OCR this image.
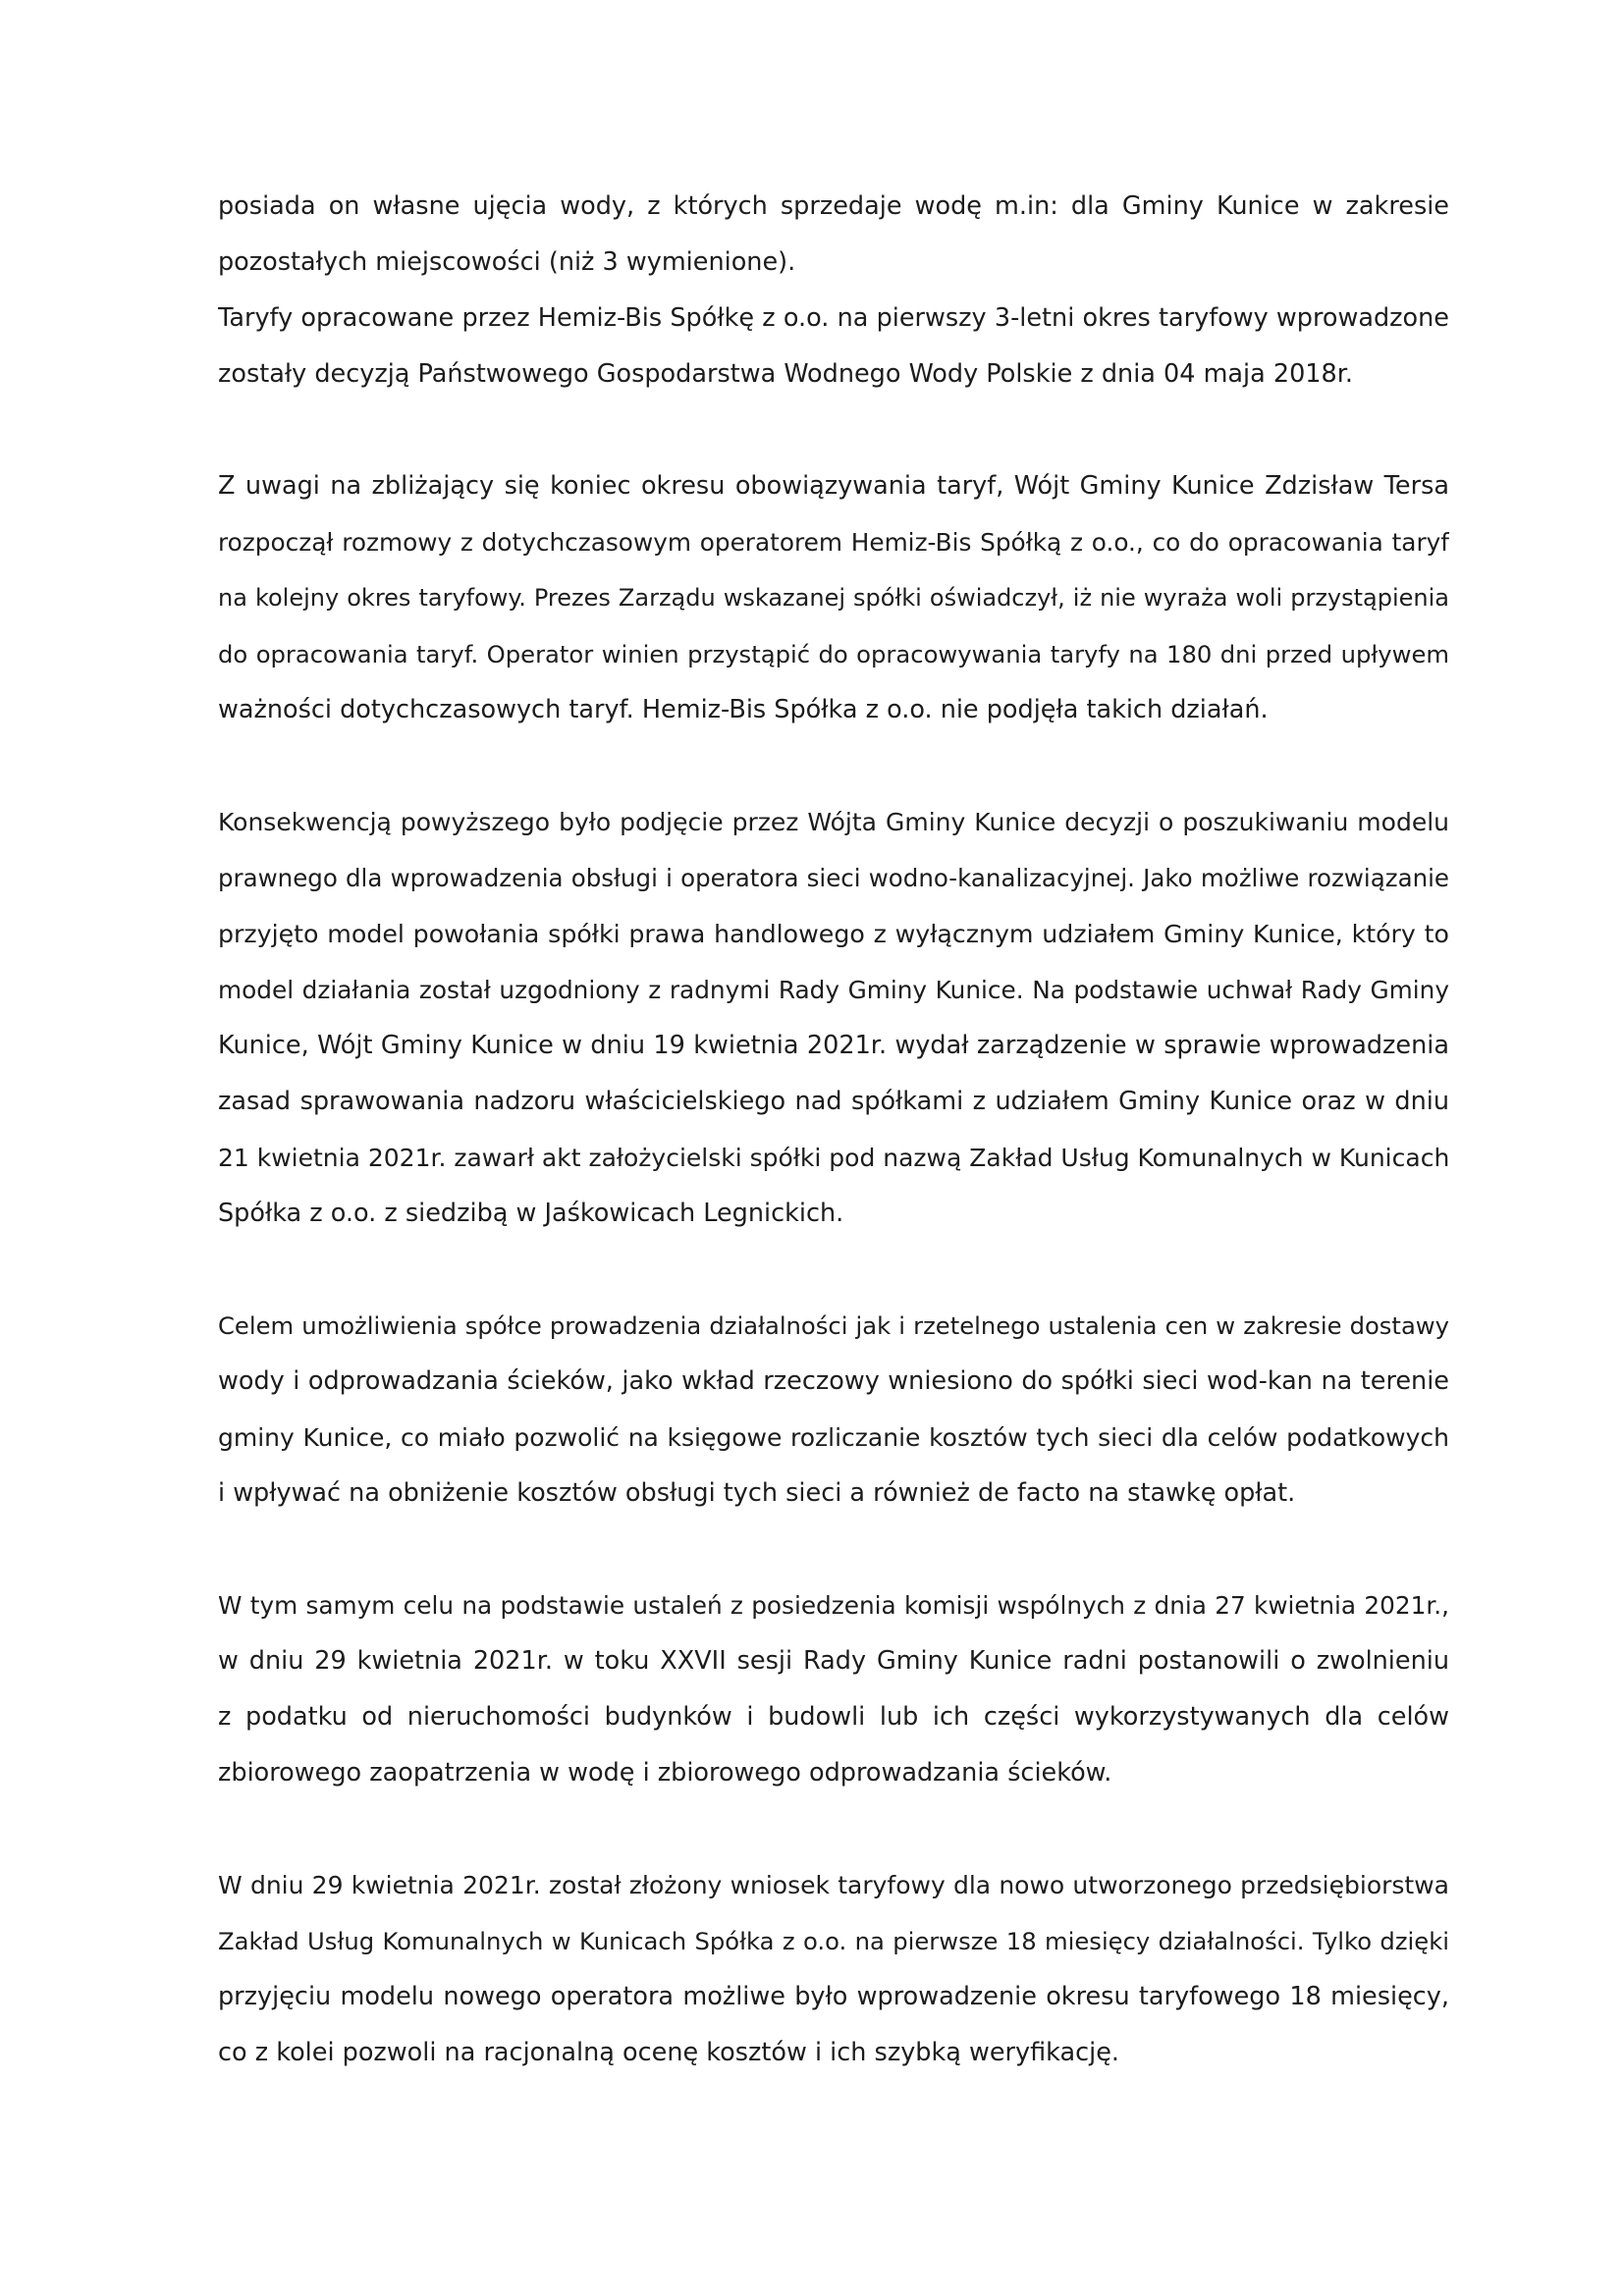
posiada on własne ujęcia wody, z których sprzedaje wodę m.in: dla Gminy Kunice w zakresie
pozostałych miejscowości (niż 3 wymienione).
Taryfy opracowane przez Hemiz-Bis Spółkę z o.o. na pierwszy 3-letni okres taryfowy wprowadzone
zostały decyzją Państwowego Gospodarstwa Wodnego Wody Polskie z dnia 04 maja 2018r.
Z uwagi na zbliżający się koniec okresu obowiązywania taryf, Wójt Gminy Kunice Zdzisław Tersa
rozpoczął rozmowy z dotychczasowym operatorem Hemiz-Bis Spółką z o.o., co do opracowania taryf
na kolejny okres taryfowy. Prezes Zarządu wskazanej spółki oświadczył, iż nie wyraża woli przystąpienia
do opracowania taryf. Operator winien przystąpić do opracowywania taryfy na 180 dni przed upływem
ważności dotychczasowych taryf. Hemiz-Bis Spółka z o.o. nie podjęła takich działań.
Konsekwencją powyższego było podjęcie przez Wójta Gminy Kunice decyzji o poszukiwaniu modelu
prawnego dla wprowadzenia obsługi i operatora sieci wodno-kanalizacyjnej. Jako możliwe rozwiązanie
przyjęto model powołania spółki prawa handlowego z wyłącznym udziałem Gminy Kunice, który to
model działania został uzgodniony z radnymi Rady Gminy Kunice. Na podstawie uchwał Rady Gminy
Kunice, Wójt Gminy Kunice w dniu 19 kwietnia 2021r. wydał zarządzenie w sprawie wprowadzenia
zasad sprawowania nadzoru właścicielskiego nad spółkami z udziałem Gminy Kunice oraz w dniu
21 kwietnia 2021r. zawarł akt założycielski spółki pod nazwą Zakład Usług Komunalnych w Kunicach
Spółka z o.o. z siedzibą w Jaśkowicach Legnickich.
Celem umożliwienia spółce prowadzenia działalności jak i rzetelnego ustalenia cen w zakresie dostawy
wody i odprowadzania ścieków, jako wkład rzeczowy wniesiono do spółki sieci wod-kan na terenie
gminy Kunice, co miało pozwolić na księgowe rozliczanie kosztów tych sieci dla celów podatkowych
i wpływać na obniżenie kosztów obsługi tych sieci a również de facto na stawkę opłat.
W tym samym celu na podstawie ustaleń z posiedzenia komisji wspólnych z dnia 27 kwietnia 2021r.,
w dniu 29 kwietnia 2021r. w toku XXVII sesji Rady Gminy Kunice radni postanowili o zwolnieniu
z podatku od nieruchomości budynków i budowli lub ich części wykorzystywanych dla celów
zbiorowego zaopatrzenia w wodę i zbiorowego odprowadzania ścieków.
W dniu 29 kwietnia 2021r. został złożony wniosek taryfowy dla nowo utworzonego przedsiębiorstwa
Zakład Usług Komunalnych w Kunicach Spółka z o.o. na pierwsze 18 miesięcy działalności. Tylko dzięki
przyjęciu modelu nowego operatora możliwe było wprowadzenie okresu taryfowego 18 miesięcy,
co z kolei pozwoli na racjonalną ocenę kosztów i ich szybką weryfikację.
